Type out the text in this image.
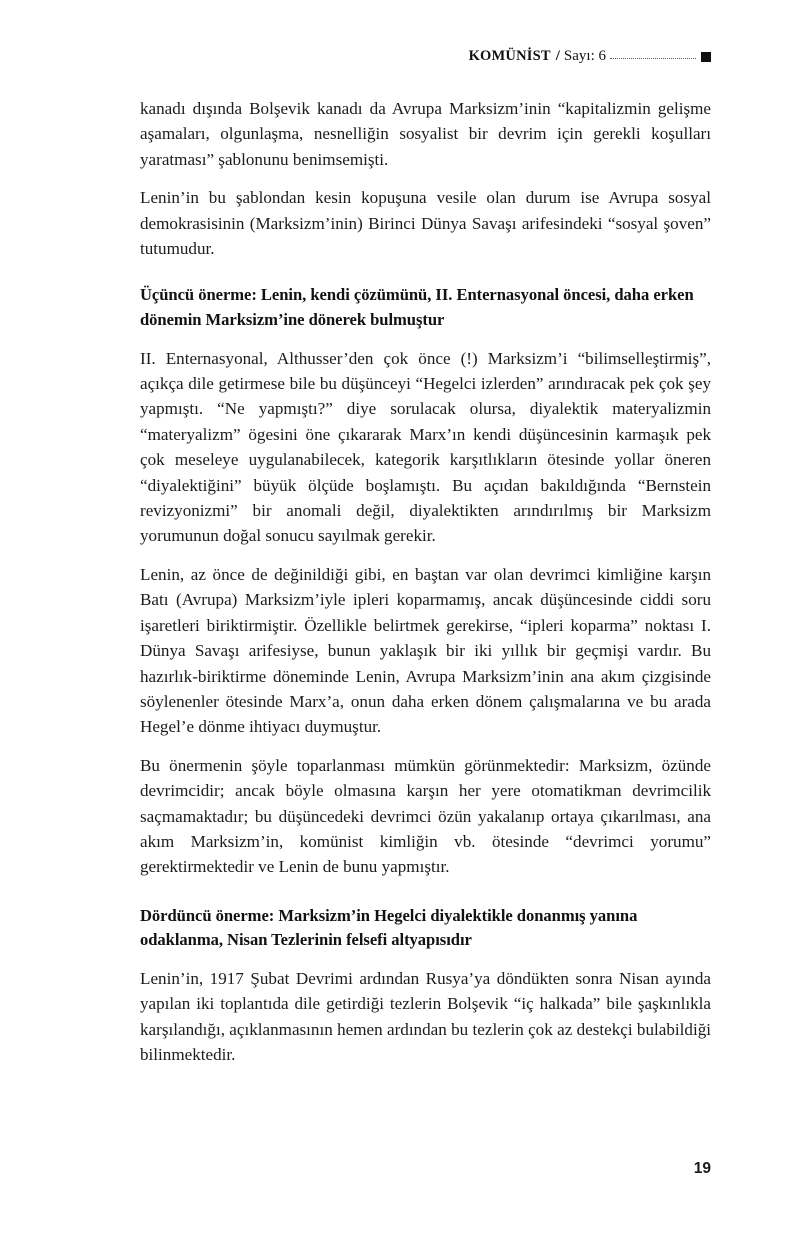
KOMÜNİST / Sayı: 6

kanadı dışında Bolşevik kanadı da Avrupa Marksizm’inin “kapitalizmin gelişme aşamaları, olgunlaşma, nesnelliğin sosyalist bir devrim için gerekli koşulları yaratması” şablonunu benimsemişti.

Lenin’in bu şablondan kesin kopuşuna vesile olan durum ise Avrupa sosyal demokrasisinin (Marksizm’inin) Birinci Dünya Savaşı arifesindeki “sosyal şoven” tutumudur.

Üçüncü önerme: Lenin, kendi çözümünü, II. Enternasyonal öncesi, daha erken dönemin Marksizm’ine dönerek bulmuştur

II. Enternasyonal, Althusser’den çok önce (!) Marksizm’i “bilimselleştirmiş”, açıkça dile getirmese bile bu düşünceyi “Hegelci izlerden” arındıracak pek çok şey yapmıştı. “Ne yapmıştı?” diye sorulacak olursa, diyalektik materyalizmin “materyalizm” ögesini öne çıkararak Marx’ın kendi düşüncesinin karmaşık pek çok meseleye uygulanabilecek, kategorik karşıtlıkların ötesinde yollar öneren “diyalektiğini” büyük ölçüde boşlamıştı. Bu açıdan bakıldığında “Bernstein revizyonizmi” bir anomali değil, diyalektikten arındırılmış bir Marksizm yorumunun doğal sonucu sayılmak gerekir.

Lenin, az önce de değinildiği gibi, en baştan var olan devrimci kimliğine karşın Batı (Avrupa) Marksizm’iyle ipleri koparmamış, ancak düşüncesinde ciddi soru işaretleri biriktirmiştir. Özellikle belirtmek gerekirse, “ipleri koparma” noktası I. Dünya Savaşı arifesiyse, bunun yaklaşık bir iki yıllık bir geçmişi vardır. Bu hazırlık-biriktirme döneminde Lenin, Avrupa Marksizm’inin ana akım çizgisinde söylenenler ötesinde Marx’a, onun daha erken dönem çalışmalarına ve bu arada Hegel’e dönme ihtiyacı duymuştur.

Bu önermenin şöyle toparlanması mümkün görünmektedir: Marksizm, özünde devrimcidir; ancak böyle olmasına karşın her yere otomatikman devrimcilik saçmamaktadır; bu düşüncedeki devrimci özün yakalanıp ortaya çıkarılması, ana akım Marksizm’in, komünist kimliğin vb. ötesinde “devrimci yorumu” gerektirmektedir ve Lenin de bunu yapmıştır.

Dördüncü önerme: Marksizm’in Hegelci diyalektikle donanmış yanına odaklanma, Nisan Tezlerinin felsefi altyapısıdır

Lenin’in, 1917 Şubat Devrimi ardından Rusya’ya döndükten sonra Nisan ayında yapılan iki toplantıda dile getirdiği tezlerin Bolşevik “iç halkada” bile şaşkınlıkla karşılandığı, açıklanmasının hemen ardından bu tezlerin çok az destekçi bulabildiği bilinmektedir.

19
